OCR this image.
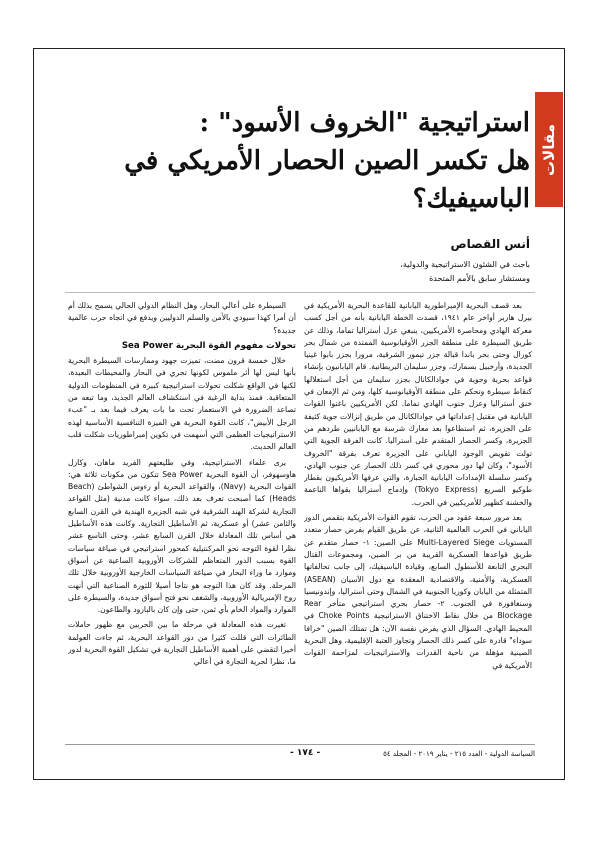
مقالات
استراتيجية "الخروف الأسود" :
هل تكسر الصين الحصار الأمريكي في الباسيفيك؟
أنس القصاص
باحث في الشئون الاستراتيجية والدولية،
ومستشار سابق بالأمم المتحدة

بعد قصف البحرية الإمبراطورية اليابانية للقاعدة البحرية الأمريكية في بيرل هاربر أواخر عام ١٩٤١، قصدت الخطة اليابانية بأنه من أجل كسب معركة الهادي ومحاصرة الأمريكيين، ينبغي عزل أستراليا تماما، وذلك عن طريق السيطرة على منطقة الجزر الأوقيانوسية الممتدة من شمال بحر كورال وحتى بحر باندا قبالة جزر تيمور الشرقية، مرورا بجزر بابوا غينيا الجديدة، وأرخبيل بسمارك، وجزر سليمان البريطانية. قام اليابانيون بإنشاء قواعد بحرية وجوية في جوادالكانال بجزر سليمان من أجل استغلالها كنقاط سيطرة وتحكم على منطقة الأوقيانوسية كلها، ومن ثم الإمعان في خنق أستراليا وعزل جنوب الهادي تماما. لكن الأمريكيين باغتوا القوات اليابانية في مقتبل إعداداتها في جوادالكانال من طريق إنزالات جوية كثيفة على الجزيرة، ثم استطاعوا بعد معارك شرسة مع اليابانيين طردهم من الجزيرة، وكسر الحصار المتقدم على أستراليا. كانت الفرقة الجوية التي تولت تقويض الوجود الياباني على الجزيرة تعرف بفرقة "الخروف الأسود"، وكان لها دور محوري في كسر ذلك الحصار عن جنوب الهادي، وكسر سلسلة الإمدادات اليابانية الجبارة، والتي عرفها الأمريكيون بقطار طوكيو السريع (Tokyo Express) وإدماج أستراليا بقواها الناعمة والخشنة كظهير للأمريكيين في الحرب.

بعد مرور سبعة عقود من الحرب، تقوم القوات الأمريكية بتقمص الدور الياباني في الحرب العالمية الثانية، عن طريق القيام بفرض حصار متعدد المستويات Multi-Layered Siege على الصين: ١- حصار متقدم عن طريق قواعدها العسكرية القريبة من بر الصين، ومجموعات القتال البحري التابعة للأسطول السابع، وقيادة الباسيفيك، إلى جانب تحالفاتها العسكرية، والأمنية، والاقتصادية المعقدة مع دول الآسيان (ASEAN) المتمثلة من اليابان وكوريا الجنوبية في الشمال وحتى أستراليا، وإندونيسيا وسنغافورة في الجنوب. ٢- حصار بحري استراتيجي متأخر Rear Blockage من خلال نقاط الاختناق الاستراتيجية Choke Points في المحيط الهادي. السؤال الذي يفرض نفسه الآن: هل تمتلك الصين "خرافا سوداء" قادرة على كسر ذلك الحصار وتجاوز العتبة الإقليمية، وهل البحرية الصينية مؤهلة من ناحية القدرات والاستراتيجيات لمزاحمة القوات الأمريكية في

السيطرة على أعالي البحار، وهل النظام الدولي الحالي يسمح بذلك أم أن أمرا كهذا سيودي بالأمن والسلم الدوليين ويدفع في اتجاه حرب عالمية جديدة؟

تحولات مفهوم القوة البحرية Sea Power

خلال خمسة قرون مضت، تميزت جهود وممارسات السيطرة البحرية بأنها ليس لها أثر ملموس لكونها تجري في البحار والمحيطات البعيدة، لكنها في الواقع شكلت تحولات استراتيجية كبيرة في المنظومات الدولية المتعاقبة. فمنذ بداية الرغبة في استكشاف العالم الجديد، وما تبعه من تصاعد الضرورة في الاستعمار تحت ما بات يعرف فيما بعد بـ "عبء الرجل الأبيض"، كانت القوة البحرية هي الميزة التنافسية الأساسية لهذه الاستراتيجيات العظمى التي أسهمت في تكوين إمبراطوريات شكلت قلب العالم الحديث.

يرى علماء الاستراتيجية، وفي طليعتهم الفريد ماهان، وكارل هاوسهوفر، أن القوة البحرية Sea Power تتكون من مكونات ثلاثة هي: القوات البحرية (Navy)، والقواعد البحرية أو رءوس الشواطئ (Beach Heads) كما أصبحت تعرف بعد ذلك، سواء كانت مدنية (مثل القواعد التجارية لشركة الهند الشرقية في شبه الجزيرة الهندية في القرن السابع والثامن عشر) أو عسكرية، ثم الأساطيل التجارية. وكانت هذه الأساطيل هي أساس تلك المعادلة خلال القرن السابع عشر، وحتى التاسع عشر نظرا لقوة التوجه نحو المركنتيلية كمحور استراتيجي في صياغة سياسات القوة بسبب الدور المتعاظم للشركات الأوروبية الساعية عن أسواق وموارد ما وراء البحار في صياغة السياسات الخارجية الأوروبية خلال تلك المرحلة. وقد كان هذا التوجه هو نتاجا أصيلا للثورة الصناعية التي أنهت روح الإمبريالية الأوروبية، والشغف نحو فتح أسواق جديدة، والسيطرة على الموارد والمواد الخام بأي ثمن، حتى وإن كان بالبارود والطاعون.

تغيرت هذه المعادلة في مرحلة ما بين الحربين مع ظهور حاملات الطائرات التي قللت كثيرا من دور القواعد البحرية، ثم جاءت العولمة أخيرا لتقضي على أهمية الأساطيل التجارية في تشكيل القوة البحرية لدور ما، نظرا لحرية التجارة في أعالي

السياسة الدولية - العدد ٢١٥ - يناير ٢٠١٩ - المجلد ٥٤
- ١٧٤ -
